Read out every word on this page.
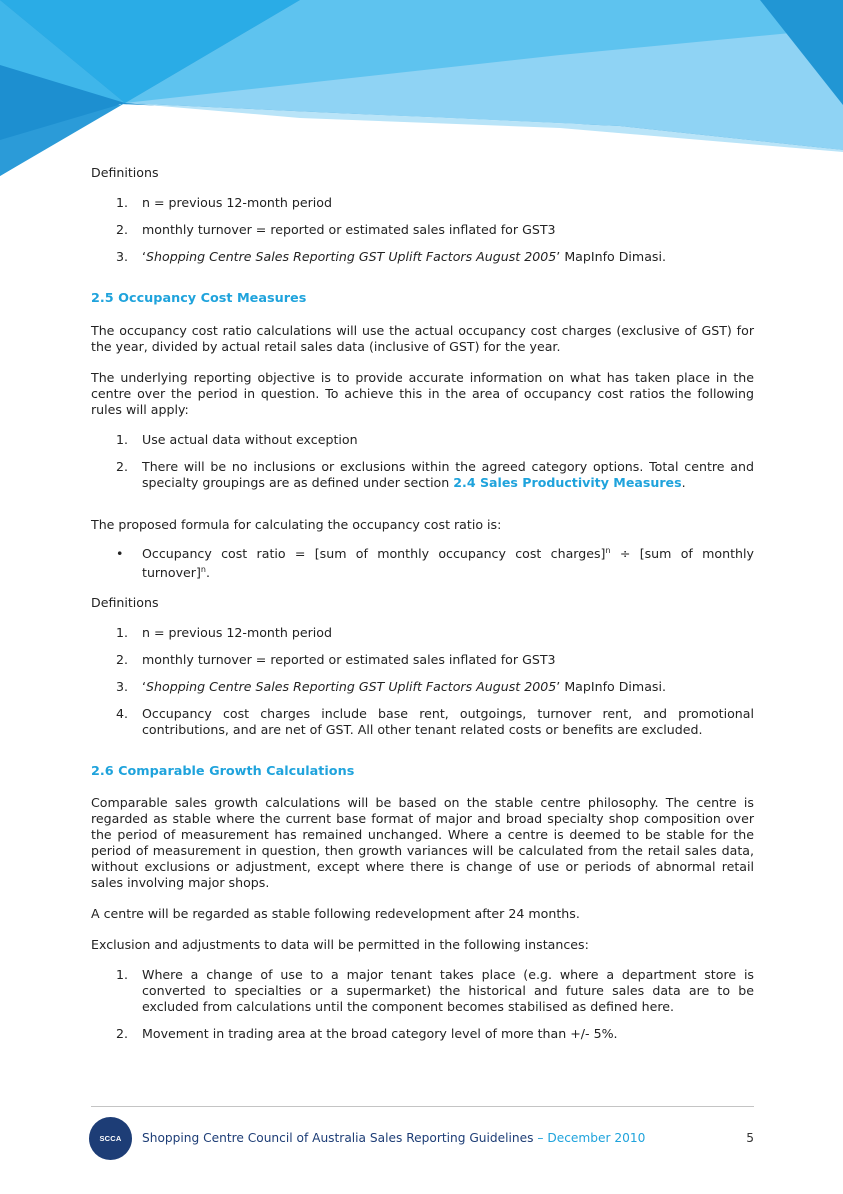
Definitions

1. n = previous 12-month period
2. monthly turnover = reported or estimated sales inflated for GST3
3. ‘Shopping Centre Sales Reporting GST Uplift Factors August 2005’ MapInfo Dimasi.

2.5 Occupancy Cost Measures

The occupancy cost ratio calculations will use the actual occupancy cost charges (exclusive of GST) for the year, divided by actual retail sales data (inclusive of GST) for the year.

The underlying reporting objective is to provide accurate information on what has taken place in the centre over the period in question. To achieve this in the area of occupancy cost ratios the following rules will apply:

1. Use actual data without exception
2. There will be no inclusions or exclusions within the agreed category options. Total centre and specialty groupings are as defined under section 2.4 Sales Productivity Measures.

The proposed formula for calculating the occupancy cost ratio is:

• Occupancy cost ratio = [sum of monthly occupancy cost charges]$^n$ ÷ [sum of monthly turnover]$^n$.

Definitions

1. n = previous 12-month period
2. monthly turnover = reported or estimated sales inflated for GST3
3. ‘Shopping Centre Sales Reporting GST Uplift Factors August 2005’ MapInfo Dimasi.
4. Occupancy cost charges include base rent, outgoings, turnover rent, and promotional contributions, and are net of GST. All other tenant related costs or benefits are excluded.

2.6 Comparable Growth Calculations

Comparable sales growth calculations will be based on the stable centre philosophy. The centre is regarded as stable where the current base format of major and broad specialty shop composition over the period of measurement has remained unchanged. Where a centre is deemed to be stable for the period of measurement in question, then growth variances will be calculated from the retail sales data, without exclusions or adjustment, except where there is change of use or periods of abnormal retail sales involving major shops.

A centre will be regarded as stable following redevelopment after 24 months.

Exclusion and adjustments to data will be permitted in the following instances:

1. Where a change of use to a major tenant takes place (e.g. where a department store is converted to specialties or a supermarket) the historical and future sales data are to be excluded from calculations until the component becomes stabilised as defined here.
2. Movement in trading area at the broad category level of more than +/- 5%.
SCCA Shopping Centre Council of Australia Sales Reporting Guidelines – December 2010	5
